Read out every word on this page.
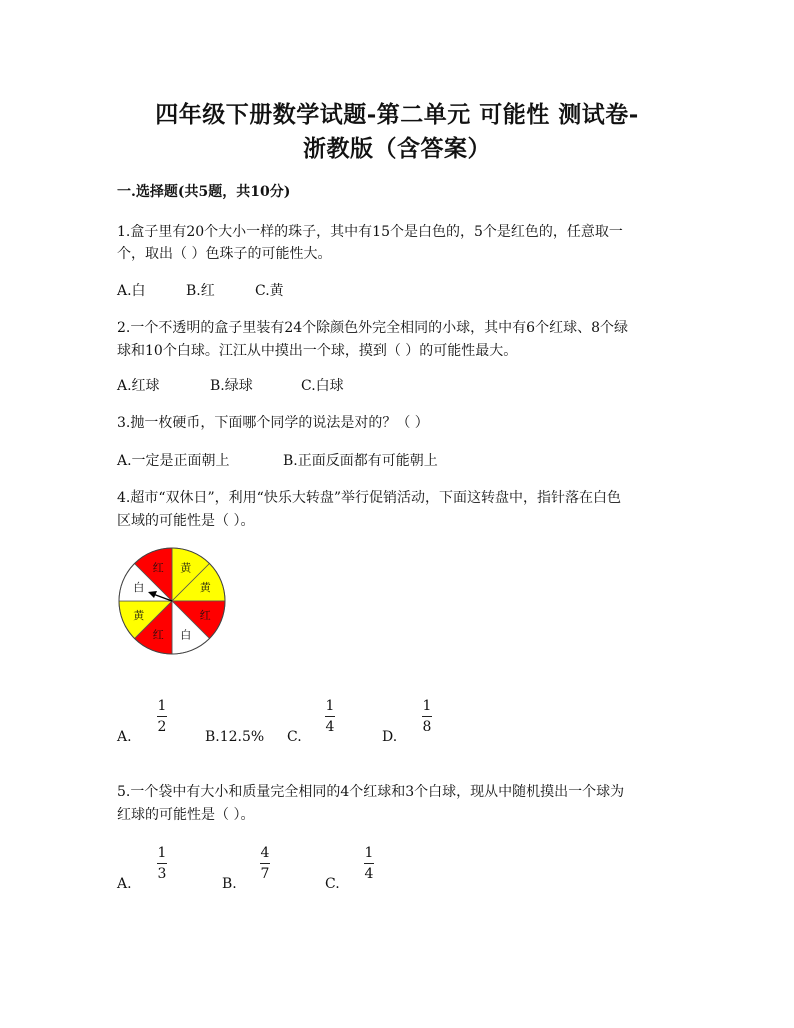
四年级下册数学试题-第二单元 可能性 测试卷-
浙教版（含答案）
一.选择题(共5题，共10分)
1.盒子里有20个大小一样的珠子，其中有15个是白色的，5个是红色的，任意取一
个，取出（ ）色珠子的可能性大。
A.白	B.红	C.黄
2.一个不透明的盒子里装有24个除颜色外完全相同的小球，其中有6个红球、8个绿
球和10个白球。江江从中摸出一个球，摸到（ ）的可能性最大。
A.红球	B.绿球	C.白球
3.抛一枚硬币，下面哪个同学的说法是对的？（ ）
A.一定是正面朝上	B.正面反面都有可能朝上
4.超市“双休日”，利用“快乐大转盘”举行促销活动，下面这转盘中，指针落在白色
区域的可能性是（ ）。
黄
黄
红
白
红
黄
白
红
A.
1
2
B.12.5% C.
1
4
D.
1
8
5.一个袋中有大小和质量完全相同的4个红球和3个白球，现从中随机摸出一个球为
红球的可能性是（ ）。
A.
1
3
B.
4
7
C.
1
4
